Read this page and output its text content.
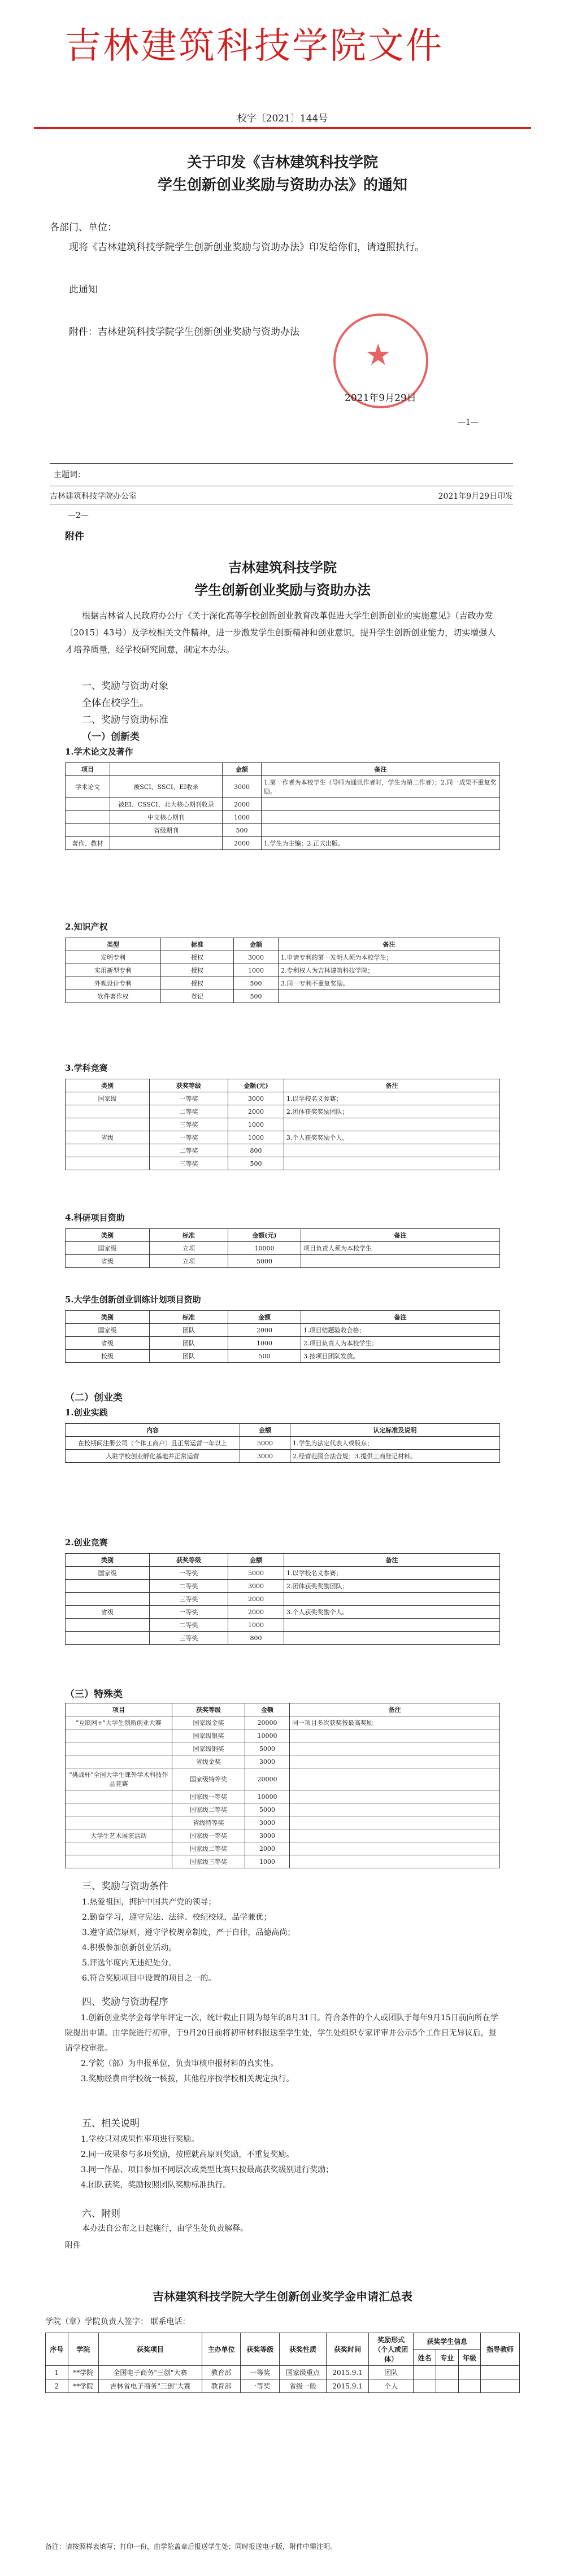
吉林建筑科技学院文件
校字〔2021〕144号
关于印发《吉林建筑科技学院
学生创新创业奖励与资助办法》的通知
各部门、单位：
现将《吉林建筑科技学院学生创新创业奖励与资助办法》印发给你们，请遵照执行。
此通知
附件：吉林建筑科技学院学生创新创业奖励与资助办法
★
2021年9月29日
—1—
主题词：
吉林建筑科技学院办公室	2021年9月29日印发
—2—
附件
吉林建筑科技学院
学生创新创业奖励与资助办法
根据吉林省人民政府办公厅《关于深化高等学校创新创业教育改革促进大学生创新创业的实施意见》（吉政办发〔2015〕43号）及学校相关文件精神，进一步激发学生创新精神和创业意识，提升学生创新创业能力，切实增强人才培养质量，经学校研究同意，制定本办法。
一、奖励与资助对象
全体在校学生。
二、奖励与资助标准
（一）创新类
1.学术论文及著作
项目		金额	备注
学术论文	被SCI、SSCI、EI收录	3000	1.第一作者为本校学生（导师为通讯作者时，学生为第二作者）；2.同一成果不重复奖励。
	被EI、CSSCI、北大核心期刊收录	2000	
	中文核心期刊	1000	
	省级期刊	500	
著作、教材		2000	1.学生为主编；2.正式出版。
2.知识产权
类型	标准	金额	备注
发明专利	授权	3000	1.申请专利的第一发明人须为本校学生；
实用新型专利	授权	1000	2.专利权人为吉林建筑科技学院；
外观设计专利	授权	500	3.同一专利不重复奖励。
软件著作权	登记	500	
3.学科竞赛
类别	获奖等级	金额(元)	备注
国家级	一等奖	3000	1.以学校名义参赛；
	二等奖	2000	2.团体获奖奖励团队；
	三等奖	1000	
省级	一等奖	1000	3.个人获奖奖励个人。
	二等奖	800	
	三等奖	500	
4.科研项目资助
类别	标准	金额(元)	备注
国家级	立项	10000	项目负责人须为本校学生
省级	立项	5000	
5.大学生创新创业训练计划项目资助
类别	标准	金额	备注
国家级	团队	2000	1.项目结题验收合格；
省级	团队	1000	2.项目负责人为本校学生；
校级	团队	500	3.按项目团队发放。
（二）创业类
1.创业实践
内容	金额	认定标准及说明
在校期间注册公司（个体工商户）且正常运营一年以上	5000	1.学生为法定代表人或股东；
入驻学校创业孵化基地并正常运营	3000	2.经营范围合法合规；3.提供工商登记材料。
2.创业竞赛
类别	获奖等级	金额	备注
国家级	一等奖	5000	1.以学校名义参赛；
	二等奖	3000	2.团体获奖奖励团队；
	三等奖	2000	
省级	一等奖	2000	3.个人获奖奖励个人。
	二等奖	1000	
	三等奖	800	
（三）特殊类
项目	获奖等级	金额	备注
"互联网+"大学生创新创业大赛	国家级金奖	20000	同一项目多次获奖按最高奖励
	国家级银奖	10000	
	国家级铜奖	5000	
	省级金奖	3000	
"挑战杯"全国大学生课外学术科技作品竞赛	国家级特等奖	20000	
	国家级一等奖	10000	
	国家级二等奖	5000	
	省级特等奖	3000	
大学生艺术展演活动	国家级一等奖	3000	
	国家级二等奖	2000	
	国家级三等奖	1000	
三、奖励与资助条件
1.热爱祖国，拥护中国共产党的领导；
2.勤奋学习，遵守宪法、法律、校纪校规，品学兼优；
3.遵守诚信原则，遵守学校规章制度，严于自律，品德高尚；
4.积极参加创新创业活动。
5.评选年度内无违纪处分。
6.符合奖励项目中设置的项目之一的。
四、奖励与资助程序
1.创新创业奖学金每学年评定一次，统计截止日期为每年的8月31日。符合条件的个人或团队于每年9月15日前向所在学院提出申请。由学院进行初审，于9月20日前将初审材料报送至学生处，学生处组织专家评审并公示5个工作日无异议后，报请学校审批。
2.学院（部）为申报单位，负责审核申报材料的真实性。
3.奖励经费由学校统一核拨，其他程序按学校相关规定执行。
五、相关说明
1.学校只对成果性事项进行奖励。
2.同一成果参与多项奖励，按照就高原则奖励，不重复奖励。
3.同一作品、项目参加不同层次或类型比赛只按最高获奖级别进行奖励；
4.团队获奖，奖励按照团队奖励标准执行。
六、附则
本办法自公布之日起施行，由学生处负责解释。
附件
吉林建筑科技学院大学生创新创业奖学金申请汇总表
学院（章）学院负责人签字： 联系电话：
序号	学院	获奖项目	主办单位	获奖等级	获奖性质	获奖时间	奖励形式（个人或团体）	获奖学生信息			指导教师
								姓名	专业	年级	
1	**学院	全国电子商务"三创"大赛	教育部	一等奖	国家级重点	2015.9.1	团队				
2	**学院	吉林省电子商务"三创"大赛	教育部	一等奖	省级一般	2015.9.1	个人				
备注：请按照样表填写；打印一份，由学院盖章后报送学生处；同时报送电子版，附件中需注明。
